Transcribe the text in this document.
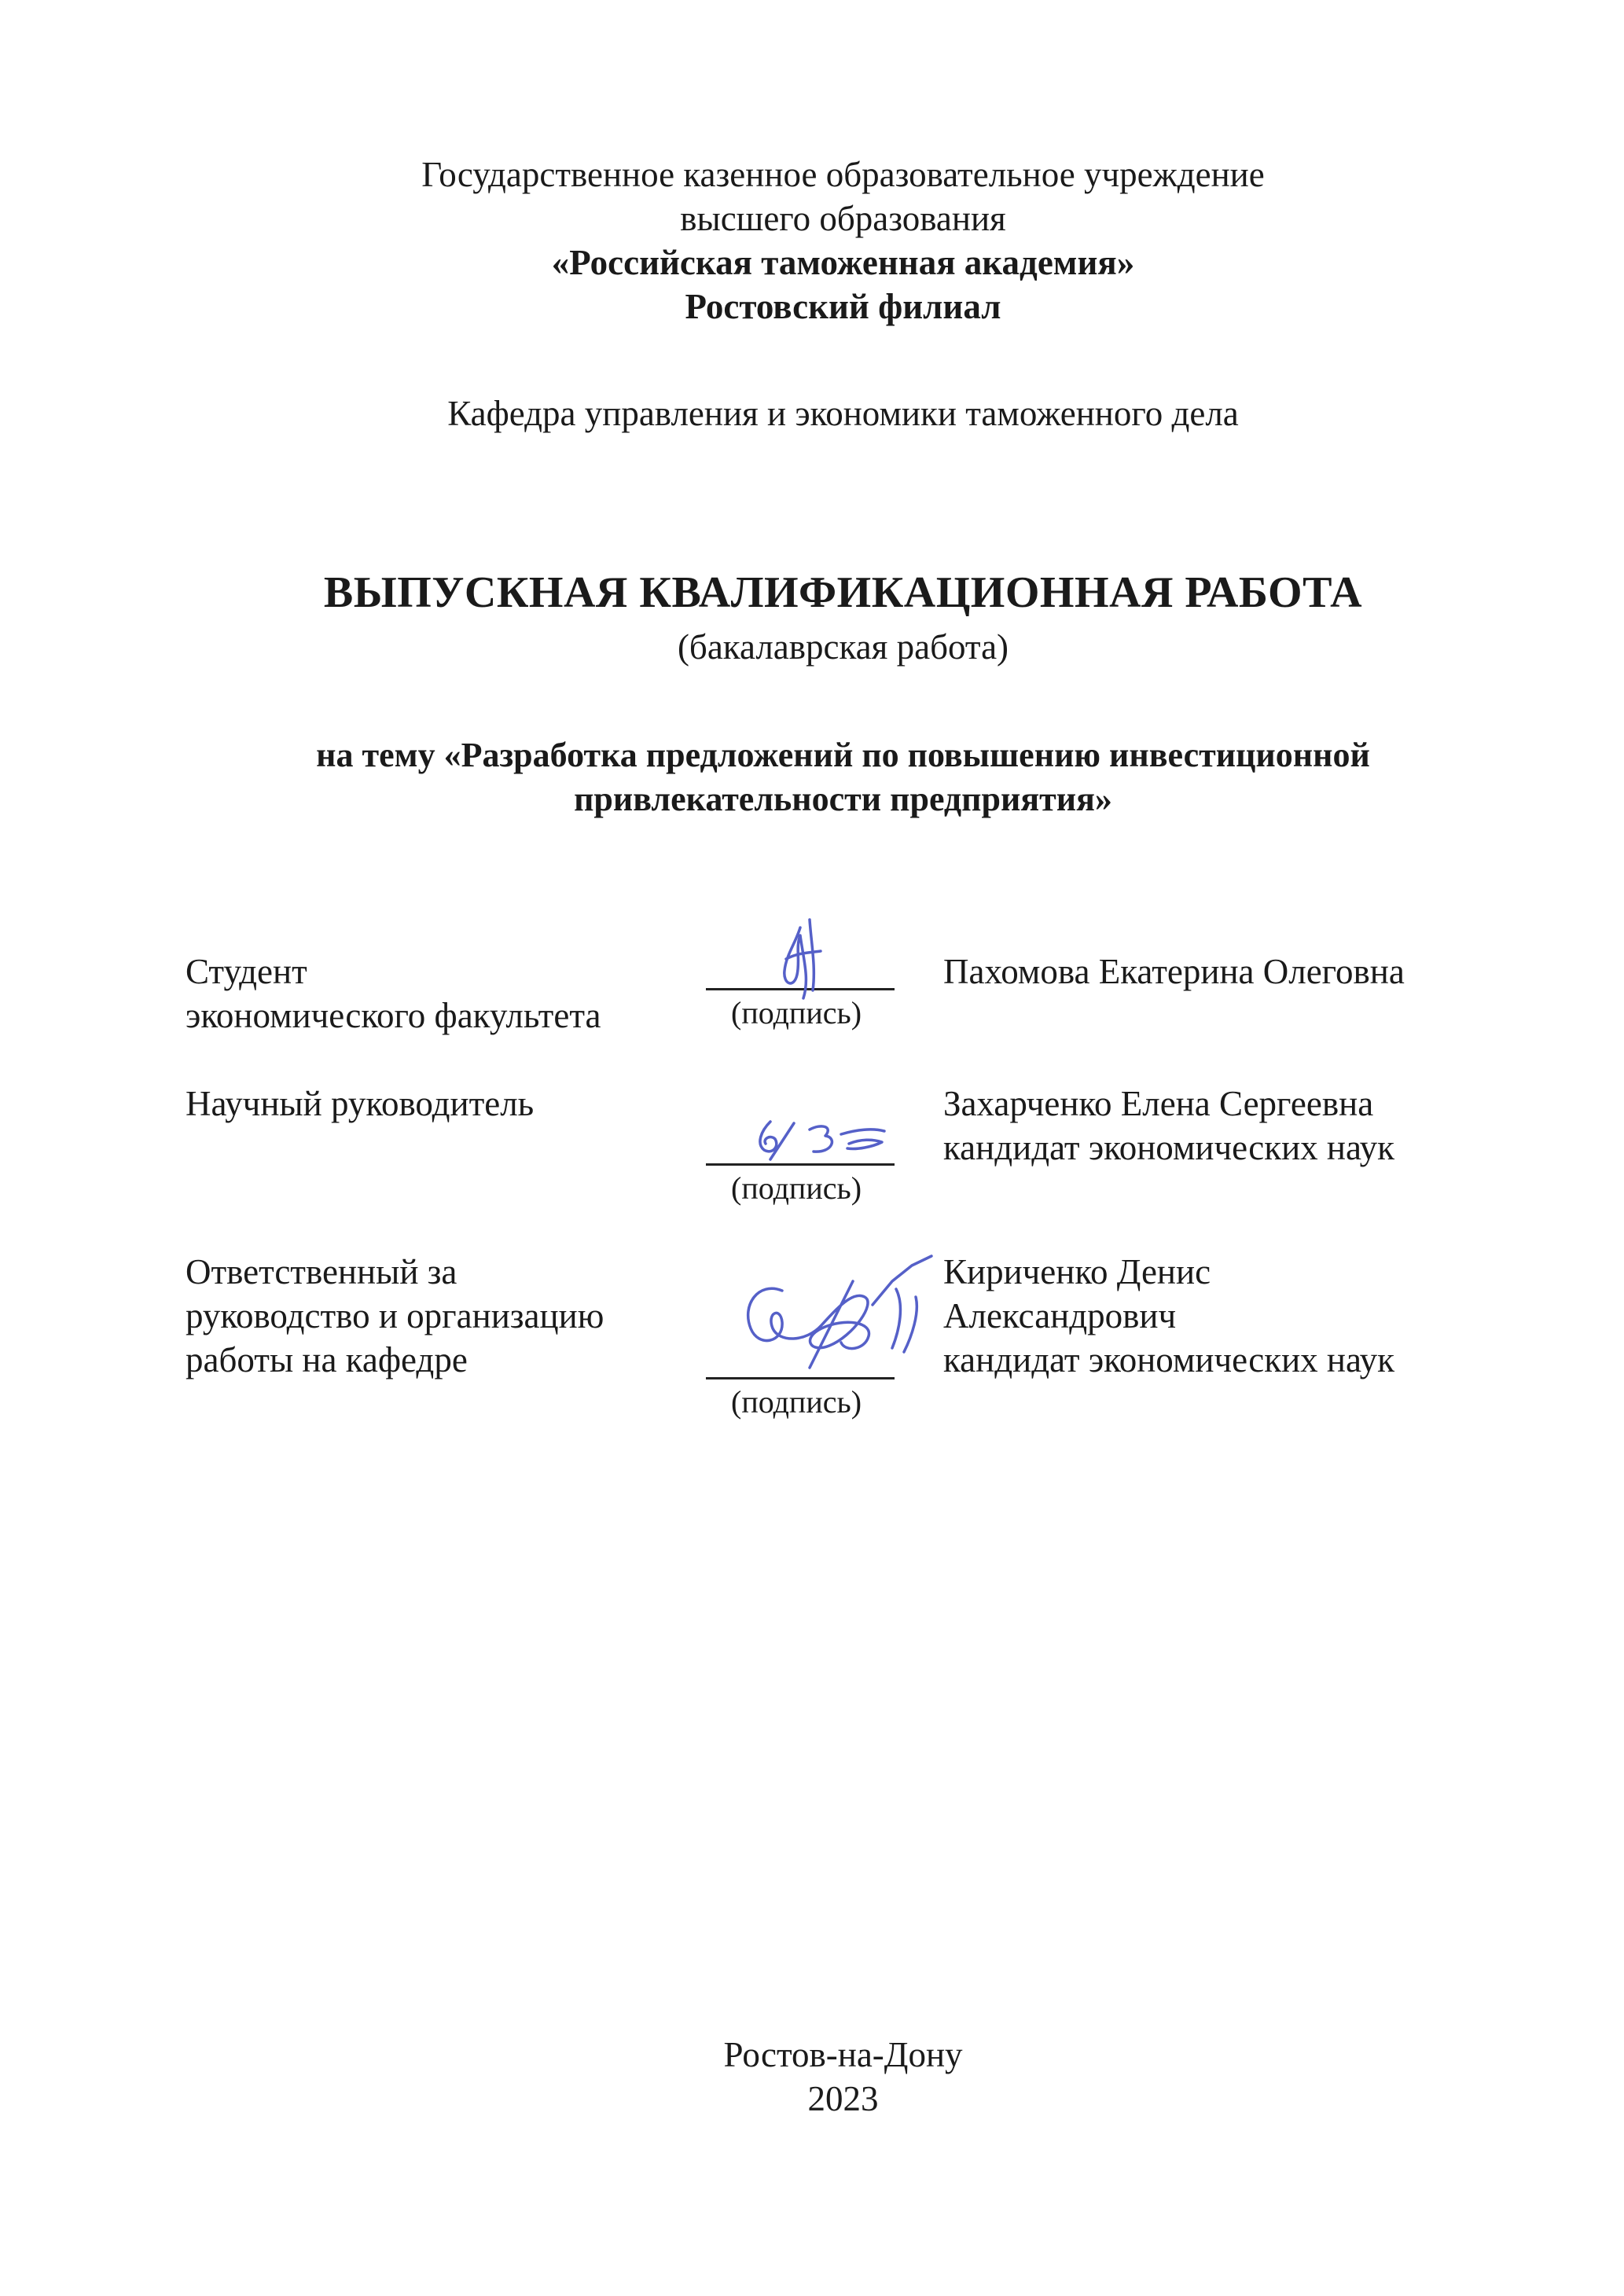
Государственное казенное образовательное учреждение
высшего образования
«Российская таможенная академия»
Ростовский филиал
Кафедра управления и экономики таможенного дела
ВЫПУСКНАЯ КВАЛИФИКАЦИОННАЯ РАБОТА
(бакалаврская работа)
на тему «Разработка предложений по повышению инвестиционной
привлекательности предприятия»
Студент
экономического факультета	(подпись)
Пахомова Екатерина Олеговна
Научный руководитель
(подпись)
Захарченко Елена Сергеевна
кандидат экономических наук
Ответственный за
руководство и организацию
работы на кафедре
(подпись)
Кириченко Денис
Александрович
кандидат экономических наук
Ростов-на-Дону
2023
